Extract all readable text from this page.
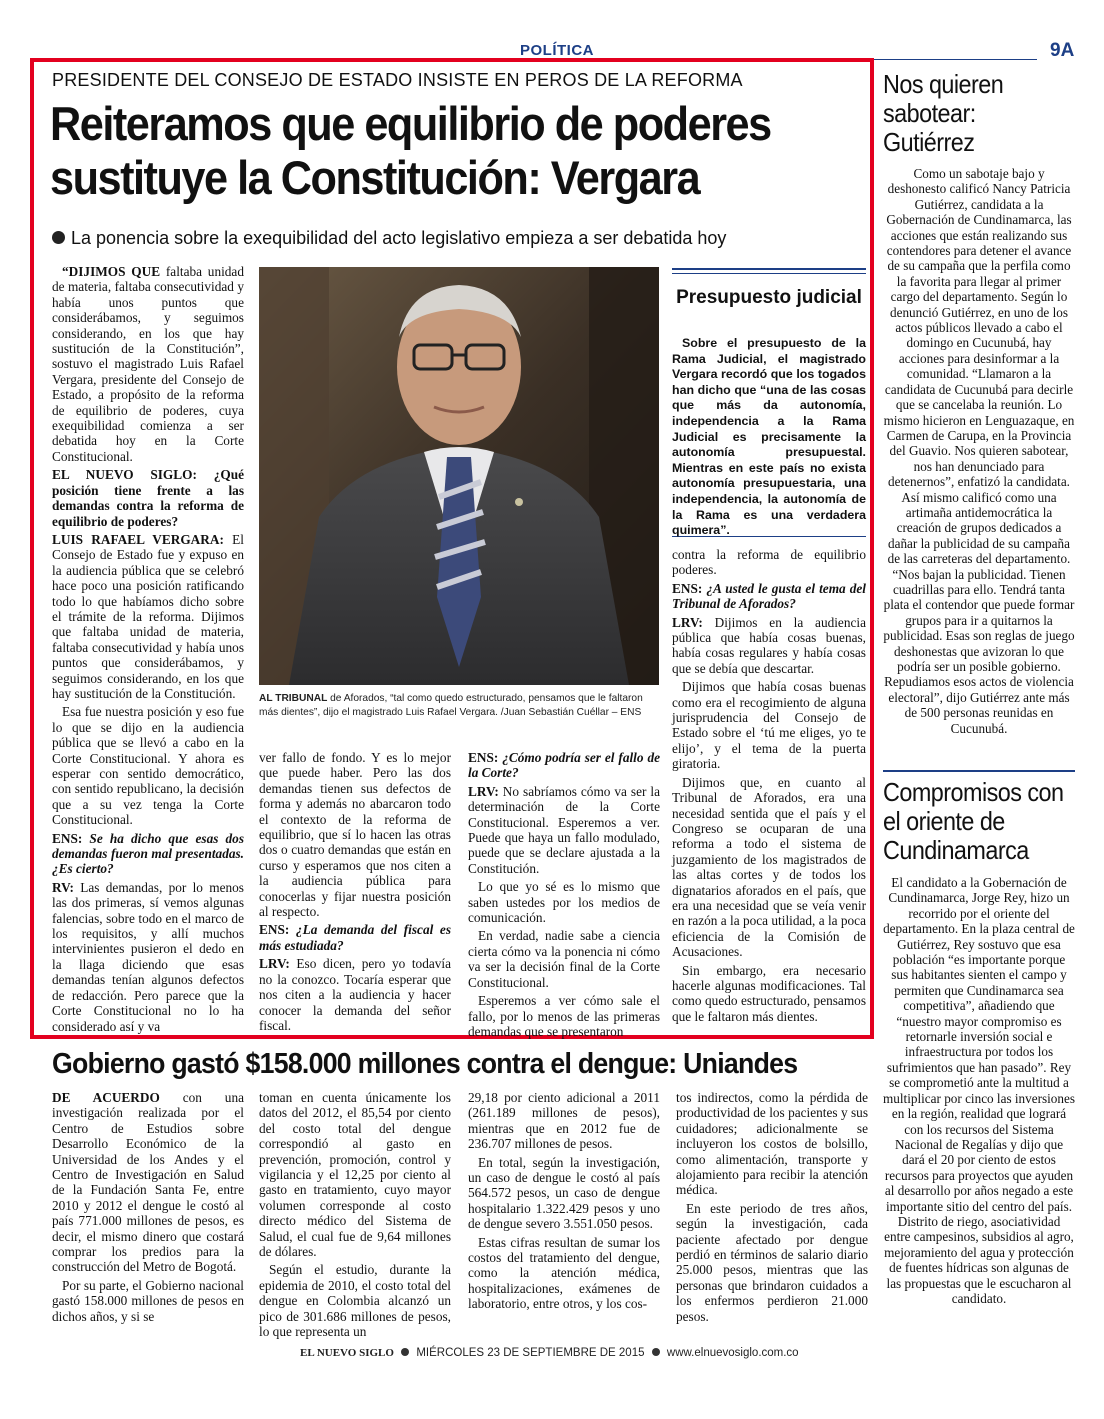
POLÍTICA	9A
PRESIDENTE DEL CONSEJO DE ESTADO INSISTE EN PEROS DE LA REFORMA
Reiteramos que equilibrio de poderes sustituye la Constitución: Vergara
La ponencia sobre la exequibilidad del acto legislativo empieza a ser debatida hoy

“DIJIMOS QUE faltaba unidad de materia, faltaba consecutividad y había unos puntos que considerábamos, y seguimos considerando, en los que hay sustitución de la Constitución”, sostuvo el magistrado Luis Rafael Vergara, presidente del Consejo de Estado, a propósito de la reforma de equilibrio de poderes, cuya exequibilidad comienza a ser debatida hoy en la Corte Constitucional.

EL NUEVO SIGLO: ¿Qué posición tiene frente a las demandas contra la reforma de equilibrio de poderes?

LUIS RAFAEL VERGARA: El Consejo de Estado fue y expuso en la audiencia pública que se celebró hace poco una posición ratificando todo lo que habíamos dicho sobre el trámite de la reforma. Dijimos que faltaba unidad de materia, faltaba consecutividad y había unos puntos que considerábamos, y seguimos considerando, en los que hay sustitución de la Constitución.

Esa fue nuestra posición y eso fue lo que se dijo en la audiencia pública que se llevó a cabo en la Corte Constitucional. Y ahora es esperar con sentido democrático, con sentido republicano, la decisión que a su vez tenga la Corte Constitucional.

ENS: Se ha dicho que esas dos demandas fueron mal presentadas. ¿Es cierto?

RV: Las demandas, por lo menos las dos primeras, sí vemos algunas falencias, sobre todo en el marco de los requisitos, y allí muchos intervinientes pusieron el dedo en la llaga diciendo que esas demandas tenían algunos defectos de redacción. Pero parece que la Corte Constitucional no lo ha considerado así y va

AL TRIBUNAL de Aforados, “tal como quedo estructurado, pensamos que le faltaron más dientes”, dijo el magistrado Luis Rafael Vergara. /Juan Sebastián Cuéllar – ENS

ver fallo de fondo. Y es lo mejor que puede haber. Pero las dos demandas tienen sus defectos de forma y además no abarcaron todo el contexto de la reforma de equilibrio, que sí lo hacen las otras dos o cuatro demandas que están en curso y esperamos que nos citen a la audiencia pública para conocerlas y fijar nuestra posición al respecto.

ENS: ¿La demanda del fiscal es más estudiada?

LRV: Eso dicen, pero yo todavía no la conozco. Tocaría esperar que nos citen a la audiencia y hacer conocer la demanda del señor fiscal.

ENS: ¿Cómo podría ser el fallo de la Corte?

LRV: No sabríamos cómo va ser la determinación de la Corte Constitucional. Esperemos a ver. Puede que haya un fallo modulado, puede que se declare ajustada a la Constitución.

Lo que yo sé es lo mismo que saben ustedes por los medios de comunicación.

En verdad, nadie sabe a ciencia cierta cómo va la ponencia ni cómo va ser la decisión final de la Corte Constitucional.

Esperemos a ver cómo sale el fallo, por lo menos de las primeras demandas que se presentaron

Presupuesto judicial

Sobre el presupuesto de la Rama Judicial, el magistrado Vergara recordó que los togados han dicho que “una de las cosas que más da autonomía, independencia a la Rama Judicial es precisamente la autonomía presupuestal. Mientras en este país no exista autonomía presupuestaria, una independencia, la autonomía de la Rama es una verdadera quimera”.

contra la reforma de equilibrio poderes.

ENS: ¿A usted le gusta el tema del Tribunal de Aforados?

LRV: Dijimos en la audiencia pública que había cosas buenas, había cosas regulares y había cosas que se debía que descartar.

Dijimos que había cosas buenas como era el recogimiento de alguna jurisprudencia del Consejo de Estado sobre el ‘tú me eliges, yo te elijo’, y el tema de la puerta giratoria.

Dijimos que, en cuanto al Tribunal de Aforados, era una necesidad sentida que el país y el Congreso se ocuparan de una reforma a todo el sistema de juzgamiento de los magistrados de las altas cortes y de todos los dignatarios aforados en el país, que era una necesidad que se veía venir en razón a la poca utilidad, a la poca eficiencia de la Comisión de Acusaciones.

Sin embargo, era necesario hacerle algunas modificaciones. Tal como quedo estructurado, pensamos que le faltaron más dientes.

Nos quieren sabotear: Gutiérrez
Como un sabotaje bajo y deshonesto calificó Nancy Patricia Gutiérrez, candidata a la Gobernación de Cundinamarca, las acciones que están realizando sus contendores para detener el avance de su campaña que la perfila como la favorita para llegar al primer cargo del departamento. Según lo denunció Gutiérrez, en uno de los actos públicos llevado a cabo el domingo en Cucunubá, hay acciones para desinformar a la comunidad. “Llamaron a la candidata de Cucunubá para decirle que se cancelaba la reunión. Lo mismo hicieron en Lenguazaque, en Carmen de Carupa, en la Provincia del Guavio. Nos quieren sabotear, nos han denunciado para detenernos”, enfatizó la candidata. Así mismo calificó como una artimaña antidemocrática la creación de grupos dedicados a dañar la publicidad de su campaña de las carreteras del departamento. “Nos bajan la publicidad. Tienen cuadrillas para ello. Tendrá tanta plata el contendor que puede formar grupos para ir a quitarnos la publicidad. Esas son reglas de juego deshonestas que avizoran lo que podría ser un posible gobierno. Repudiamos esos actos de violencia electoral”, dijo Gutiérrez ante más de 500 personas reunidas en Cucunubá.
Compromisos con el oriente de Cundinamarca
El candidato a la Gobernación de Cundinamarca, Jorge Rey, hizo un recorrido por el oriente del departamento. En la plaza central de Gutiérrez, Rey sostuvo que esa población “es importante porque sus habitantes sienten el campo y permiten que Cundinamarca sea competitiva”, añadiendo que “nuestro mayor compromiso es retornarle inversión social e infraestructura por todos los sufrimientos que han pasado”. Rey se comprometió ante la multitud a multiplicar por cinco las inversiones en la región, realidad que logrará con los recursos del Sistema Nacional de Regalías y dijo que dará el 20 por ciento de estos recursos para proyectos que ayuden al desarrollo por años negado a este importante sitio del centro del país. Distrito de riego, asociatividad entre campesinos, subsidios al agro, mejoramiento del agua y protección de fuentes hídricas son algunas de las propuestas que le escucharon al candidato.
Gobierno gastó $158.000 millones contra el dengue: Uniandes

DE ACUERDO con una investigación realizada por el Centro de Estudios sobre Desarrollo Económico de la Universidad de los Andes y el Centro de Investigación en Salud de la Fundación Santa Fe, entre 2010 y 2012 el dengue le costó al país 771.000 millones de pesos, es decir, el mismo dinero que costará comprar los predios para la construcción del Metro de Bogotá.

Por su parte, el Gobierno nacional gastó 158.000 millones de pesos en dichos años, y si se

toman en cuenta únicamente los datos del 2012, el 85,54 por ciento del costo total del dengue correspondió al gasto en prevención, promoción, control y vigilancia y el 12,25 por ciento al gasto en tratamiento, cuyo mayor volumen corresponde al costo directo médico del Sistema de Salud, el cual fue de 9,64 millones de dólares.

Según el estudio, durante la epidemia de 2010, el costo total del dengue en Colombia alcanzó un pico de 301.686 millones de pesos, lo que representa un

29,18 por ciento adicional a 2011 (261.189 millones de pesos), mientras que en 2012 fue de 236.707 millones de pesos.

En total, según la investigación, un caso de dengue le costó al país 564.572 pesos, un caso de dengue hospitalario 1.322.429 pesos y uno de dengue severo 3.551.050 pesos.

Estas cifras resultan de sumar los costos del tratamiento del dengue, como la atención médica, hospitalizaciones, exámenes de laboratorio, entre otros, y los cos-

tos indirectos, como la pérdida de productividad de los pacientes y sus cuidadores; adicionalmente se incluyeron los costos de bolsillo, como alimentación, transporte y alojamiento para recibir la atención médica.

En este periodo de tres años, según la investigación, cada paciente afectado por dengue perdió en términos de salario diario 25.000 pesos, mientras que las personas que brindaron cuidados a los enfermos perdieron 21.000 pesos.

EL NUEVO SIGLO MIÉRCOLES 23 DE SEPTIEMBRE DE 2015 www.elnuevosiglo.com.co
